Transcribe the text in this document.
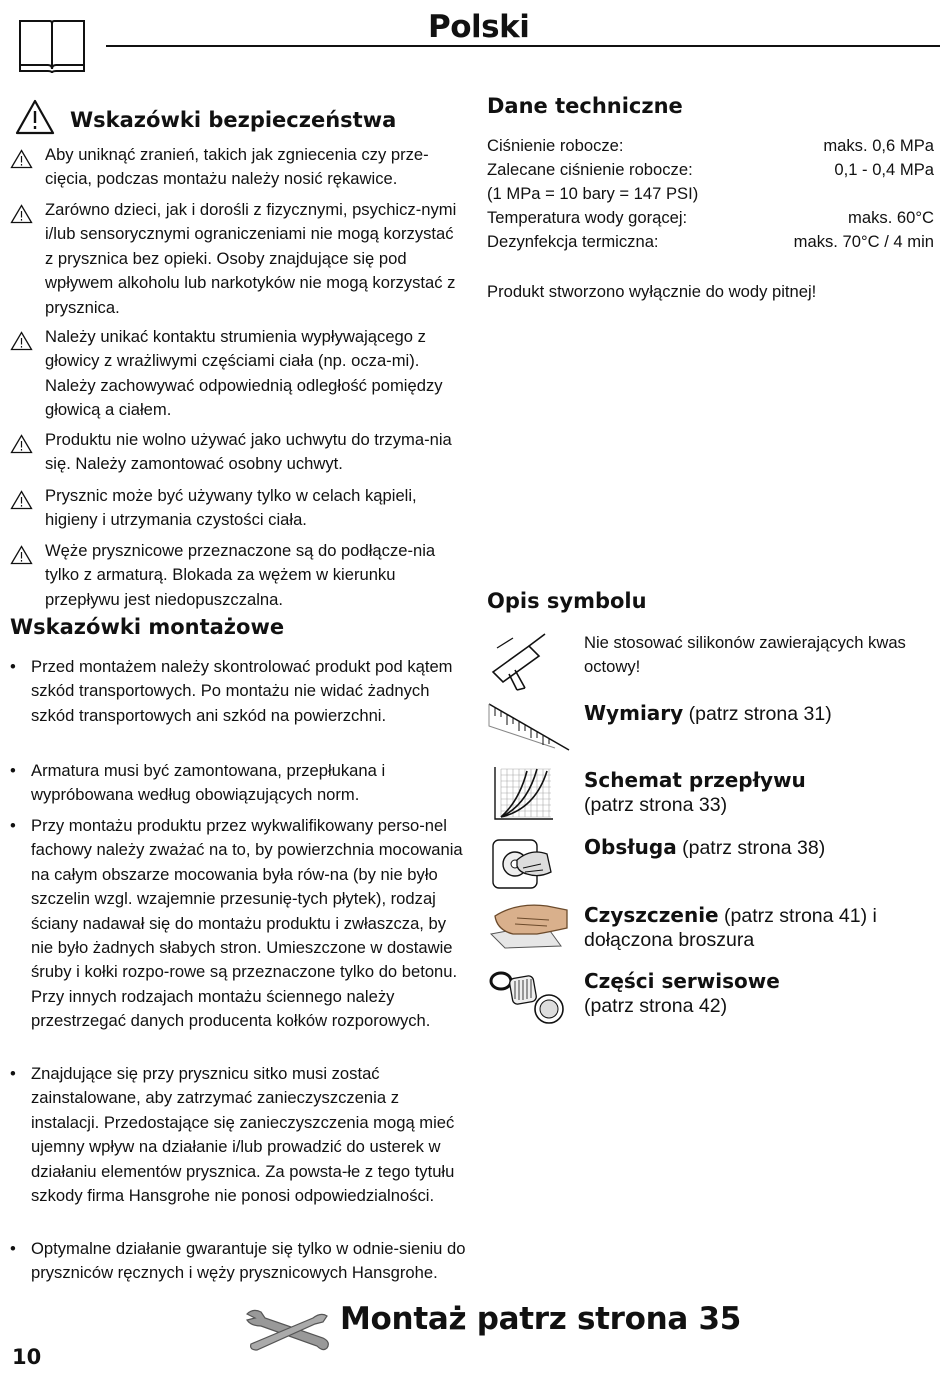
Polski
Wskazówki bezpieczeństwa
Aby uniknąć zranień, takich jak zgniecenia czy prze-cięcia, podczas montażu należy nosić rękawice.
Zarówno dzieci, jak i dorośli z fizycznymi, psychicz-nymi i/lub sensorycznymi ograniczeniami nie mogą korzystać z prysznica bez opieki. Osoby znajdujące się pod wpływem alkoholu lub narkotyków nie mogą korzystać z prysznica.
Należy unikać kontaktu strumienia wypływającego z głowicy z wrażliwymi częściami ciała (np. ocza-mi). Należy zachowywać odpowiednią odległość pomiędzy głowicą a ciałem.
Produktu nie wolno używać jako uchwytu do trzyma-nia się. Należy zamontować osobny uchwyt.
Prysznic może być używany tylko w celach kąpieli, higieny i utrzymania czystości ciała.
Węże prysznicowe przeznaczone są do podłącze-nia tylko z armaturą. Blokada za wężem w kierunku przepływu jest niedopuszczalna.
Wskazówki montażowe
• Przed montażem należy skontrolować produkt pod kątem szkód transportowych. Po montażu nie widać żadnych szkód transportowych ani szkód na powierzchni.
• Armatura musi być zamontowana, przepłukana i wypróbowana według obowiązujących norm.
• Przy montażu produktu przez wykwalifikowany perso-nel fachowy należy zważać na to, by powierzchnia mocowania na całym obszarze mocowania była rów-na (by nie było szczelin wzgl. wzajemnie przesunię-tych płytek), rodzaj ściany nadawał się do montażu produktu i zwłaszcza, by nie było żadnych słabych stron. Umieszczone w dostawie śruby i kołki rozpo-rowe są przeznaczone tylko do betonu. Przy innych rodzajach montażu ściennego należy przestrzegać danych producenta kołków rozporowych.
• Znajdujące się przy prysznicu sitko musi zostać zainstalowane, aby zatrzymać zanieczyszczenia z instalacji. Przedostające się zanieczyszczenia mogą mieć ujemny wpływ na działanie i/lub prowadzić do usterek w działaniu elementów prysznica. Za powsta-łe z tego tytułu szkody firma Hansgrohe nie ponosi odpowiedzialności.
• Optymalne działanie gwarantuje się tylko w odnie-sieniu do pryszniców ręcznych i węży prysznicowych Hansgrohe.
Dane techniczne
Ciśnienie robocze:	maks. 0,6 MPa
Zalecane ciśnienie robocze:	0,1 - 0,4 MPa
(1 MPa = 10 bary = 147 PSI)
Temperatura wody gorącej:	maks. 60°C
Dezynfekcja termiczna:	maks. 70°C / 4 min
Produkt stworzono wyłącznie do wody pitnej!
Opis symbolu
Nie stosować silikonów zawierających kwas octowy!
Wymiary (patrz strona 31)
Schemat przepływu
(patrz strona 33)
Obsługa (patrz strona 38)
Czyszczenie (patrz strona 41) i dołączona broszura
Części serwisowe
(patrz strona 42)
10
Montaż patrz strona 35
